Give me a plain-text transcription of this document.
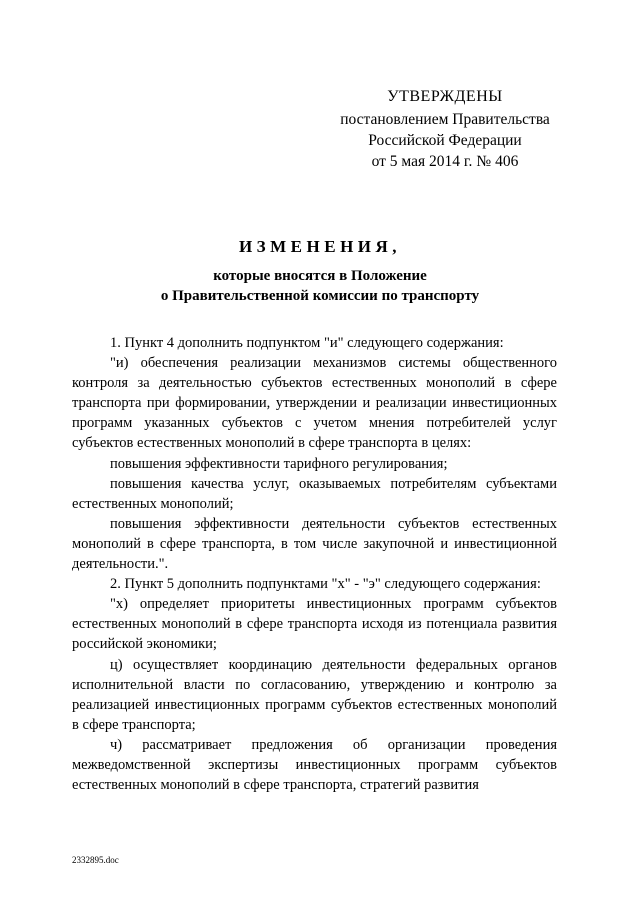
УТВЕРЖДЕНЫ
постановлением Правительства
Российской Федерации
от 5 мая 2014 г. № 406
ИЗМЕНЕНИЯ,
которые вносятся в Положение
о Правительственной комиссии по транспорту

1. Пункт 4 дополнить подпунктом "и" следующего содержания:

"и) обеспечения реализации механизмов системы общественного контроля за деятельностью субъектов естественных монополий в сфере транспорта при формировании, утверждении и реализации инвестиционных программ указанных субъектов с учетом мнения потребителей услуг субъектов естественных монополий в сфере транспорта в целях:

повышения эффективности тарифного регулирования;

повышения качества услуг, оказываемых потребителям субъектами естественных монополий;

повышения эффективности деятельности субъектов естественных монополий в сфере транспорта, в том числе закупочной и инвестиционной деятельности.".

2. Пункт 5 дополнить подпунктами "х" - "э" следующего содержания:

"х) определяет приоритеты инвестиционных программ субъектов естественных монополий в сфере транспорта исходя из потенциала развития российской экономики;

ц) осуществляет координацию деятельности федеральных органов исполнительной власти по согласованию, утверждению и контролю за реализацией инвестиционных программ субъектов естественных монополий в сфере транспорта;

ч) рассматривает предложения об организации проведения межведомственной экспертизы инвестиционных программ субъектов естественных монополий в сфере транспорта, стратегий развития

2332895.doc
